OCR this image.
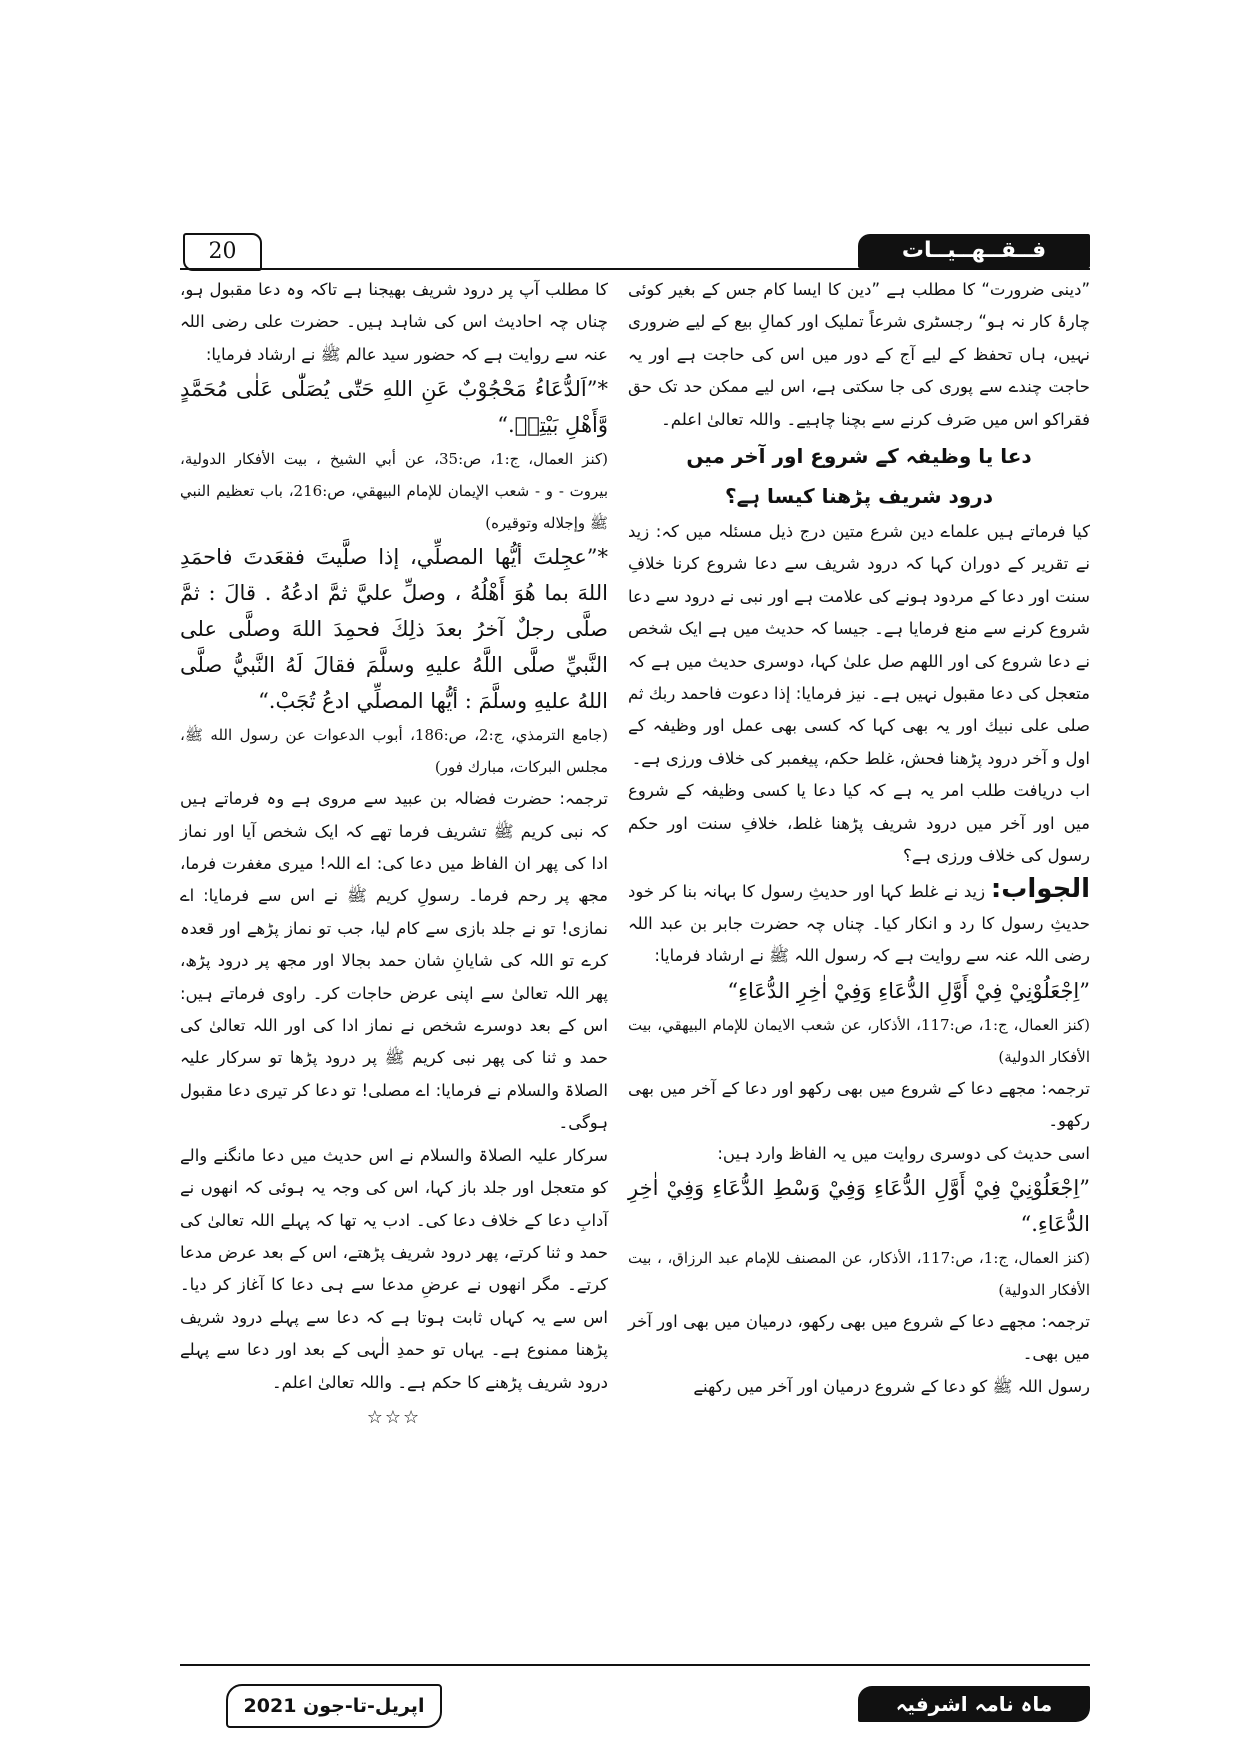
20	فــقــهــيــات

”دینی ضرورت“ کا مطلب ہے ”دین کا ایسا کام جس کے بغیر کوئی چارۂ کار نہ ہو“ رجسٹری شرعاً تملیک اور کمالِ بیع کے لیے ضروری نہیں، ہاں تحفظ کے لیے آج کے دور میں اس کی حاجت ہے اور یہ حاجت چندے سے پوری کی جا سکتی ہے، اس لیے ممکن حد تک حق فقراکو اس میں صَرف کرنے سے بچنا چاہیے۔ واللہ تعالیٰ اعلم۔

دعا یا وظیفہ کے شروع اور آخر میں

درود شریف پڑھنا کیسا ہے؟

کیا فرماتے ہیں علماے دین شرع متین درج ذیل مسئلہ میں کہ: زید نے تقریر کے دوران کہا کہ درود شریف سے دعا شروع کرنا خلافِ سنت اور دعا کے مردود ہونے کی علامت ہے اور نبی نے درود سے دعا شروع کرنے سے منع فرمایا ہے۔ جیسا کہ حدیث میں ہے ایک شخص نے دعا شروع کی اور اللھم صل علیٰ کہا، دوسری حدیث میں ہے کہ متعجل کی دعا مقبول نہیں ہے۔ نیز فرمایا: إذا دعوت فاحمد ربك ثم صلی علی نبيك اور یہ بھی کہا کہ کسی بھی عمل اور وظیفہ کے اول و آخر درود پڑھنا فحش، غلط حکم، پیغمبر کی خلاف ورزی ہے۔

اب دریافت طلب امر یہ ہے کہ کیا دعا یا کسی وظیفہ کے شروع میں اور آخر میں درود شریف پڑھنا غلط، خلافِ سنت اور حکم رسول کی خلاف ورزی ہے؟

الجواب: زید نے غلط کہا اور حدیثِ رسول کا بہانہ بنا کر خود حدیثِ رسول کا رد و انکار کیا۔ چناں چہ حضرت جابر بن عبد اللہ رضی اللہ عنہ سے روایت ہے کہ رسول اللہ ﷺ نے ارشاد فرمایا:

”اِجْعَلُوْنِيْ فِيْ أَوَّلِ الدُّعَاءِ وَفِيْ اٰخِرِ الدُّعَاءِ“

(كنز العمال، ج:1، ص:117، الأذكار، عن شعب الايمان للإمام البيهقي، بيت الأفكار الدولية)

ترجمہ: مجھے دعا کے شروع میں بھی رکھو اور دعا کے آخر میں بھی رکھو۔

اسی حدیث کی دوسری روایت میں یہ الفاظ وارد ہیں:

”اِجْعَلُوْنِيْ فِيْ أَوَّلِ الدُّعَاءِ وَفِيْ وَسْطِ الدُّعَاءِ وَفِيْ اٰخِرِ الدُّعَاءِ.“

(كنز العمال، ج:1، ص:117، الأذكار، عن المصنف للإمام عبد الرزاق، ، بيت الأفكار الدولية)

ترجمہ: مجھے دعا کے شروع میں بھی رکھو، درمیان میں بھی اور آخر میں بھی۔

رسول اللہ ﷺ کو دعا کے شروع درمیان اور آخر میں رکھنے

کا مطلب آپ پر درود شریف بھیجنا ہے تاکہ وہ دعا مقبول ہو، چناں چہ احادیث اس کی شاہد ہیں۔ حضرت علی رضی اللہ عنہ سے روایت ہے کہ حضور سید عالم ﷺ نے ارشاد فرمایا:

*”اَلدُّعَاءُ مَحْجُوْبٌ عَنِ اللهِ حَتّٰى يُصَلّٰى عَلٰى مُحَمَّدٍ وَّأَهْلِ بَيْتِهٖ.“

(كنز العمال، ج:1، ص:35، عن أبي الشيخ ، بيت الأفكار الدولية، بيروت - و - شعب الإيمان للإمام البيهقي، ص:216، باب تعظيم النبي ﷺ وإجلاله وتوقيره)

*”عجِلتَ أيُّها المصلِّي، إذا صلَّيتَ فقعَدتَ فاحمَدِ اللهَ بما هُوَ أَهْلُهُ ، وصلِّ عليَّ ثمَّ ادعُهُ . قالَ : ثمَّ صلَّى رجلٌ آخرُ بعدَ ذلِكَ فحمِدَ اللهَ وصلَّى على النَّبيِّ صلَّى اللَّهُ عليهِ وسلَّمَ فقالَ لَهُ النَّبيُّ صلَّى اللهُ عليهِ وسلَّمَ : أيُّها المصلِّي ادعُ تُجَبْ.“

(جامع الترمذي، ج:2، ص:186، أبوب الدعوات عن رسول الله ﷺ، مجلس البركات، مبارك فور)

ترجمہ: حضرت فضالہ بن عبید سے مروی ہے وہ فرماتے ہیں کہ نبی کریم ﷺ تشریف فرما تھے کہ ایک شخص آیا اور نماز ادا کی پھر ان الفاظ میں دعا کی: اے اللہ! میری مغفرت فرما، مجھ پر رحم فرما۔ رسولِ کریم ﷺ نے اس سے فرمایا: اے نمازی! تو نے جلد بازی سے کام لیا، جب تو نماز پڑھے اور قعدہ کرے تو اللہ کی شایانِ شان حمد بجالا اور مجھ پر درود پڑھ، پھر اللہ تعالیٰ سے اپنی عرض حاجات کر۔ راوی فرماتے ہیں: اس کے بعد دوسرے شخص نے نماز ادا کی اور اللہ تعالیٰ کی حمد و ثنا کی پھر نبی کریم ﷺ پر درود پڑھا تو سرکار علیہ الصلاۃ والسلام نے فرمایا: اے مصلی! تو دعا کر تیری دعا مقبول ہوگی۔

سرکار علیہ الصلاۃ والسلام نے اس حدیث میں دعا مانگنے والے کو متعجل اور جلد باز کہا، اس کی وجہ یہ ہوئی کہ انھوں نے آدابِ دعا کے خلاف دعا کی۔ ادب یہ تھا کہ پہلے اللہ تعالیٰ کی حمد و ثنا کرتے، پھر درود شریف پڑھتے، اس کے بعد عرض مدعا کرتے۔ مگر انھوں نے عرضِ مدعا سے ہی دعا کا آغاز کر دیا۔ اس سے یہ کہاں ثابت ہوتا ہے کہ دعا سے پہلے درود شریف پڑھنا ممنوع ہے۔ یہاں تو حمدِ الٰہی کے بعد اور دعا سے پہلے درود شریف پڑھنے کا حکم ہے۔ واللہ تعالیٰ اعلم۔

☆☆☆

اپریل-تا-جون 2021	ماہ نامہ اشرفیہ
